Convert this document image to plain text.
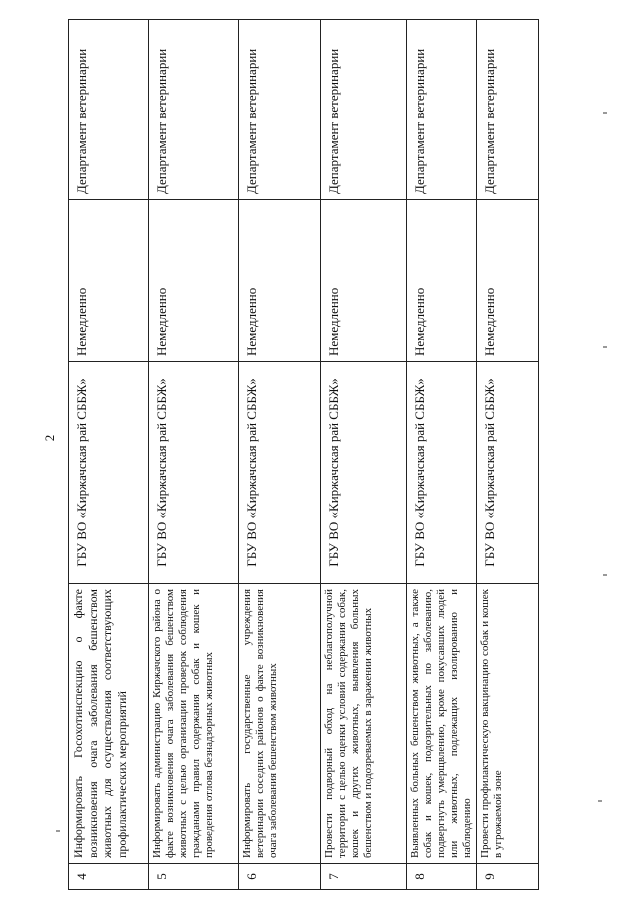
2
4	Информировать Госохотинспекцию о факте возникновения очага заболевания бешенством животных для осуществления соответствующих профилактических мероприятий	ГБУ ВО «Киржачская рай СББЖ»	Немедленно	Департамент ветеринарии
5	Информировать администрацию Киржачского района о факте возникновения очага заболевания бешенством животных с целью организации проверок соблюдения гражданами правил содержания собак и кошек и проведения отлова безнадзорных животных	ГБУ ВО «Киржачская рай СББЖ»	Немедленно	Департамент ветеринарии
6	Информировать государственные учреждения ветеринарии соседних районов о факте возникновения очага заболевания бешенством животных	ГБУ ВО «Киржачская рай СББЖ»	Немедленно	Департамент ветеринарии
7	Провести подворный обход на неблагополучной территории с целью оценки условий содержания собак, кошек и других животных, выявления больных бешенством и подозреваемых в заражении животных	ГБУ ВО «Киржачская рай СББЖ»	Немедленно	Департамент ветеринарии
8	Выявленных больных бешенством животных, а также собак и кошек, подозрительных по заболеванию, подвергнуть умерщвлению, кроме покусавших людей или животных, подлежащих изолированию и наблюдению	ГБУ ВО «Киржачская рай СББЖ»	Немедленно	Департамент ветеринарии
9	Провести профилактическую вакцинацию собак и кошек в угрожаемой зоне	ГБУ ВО «Киржачская рай СББЖ»	Немедленно	Департамент ветеринарии
